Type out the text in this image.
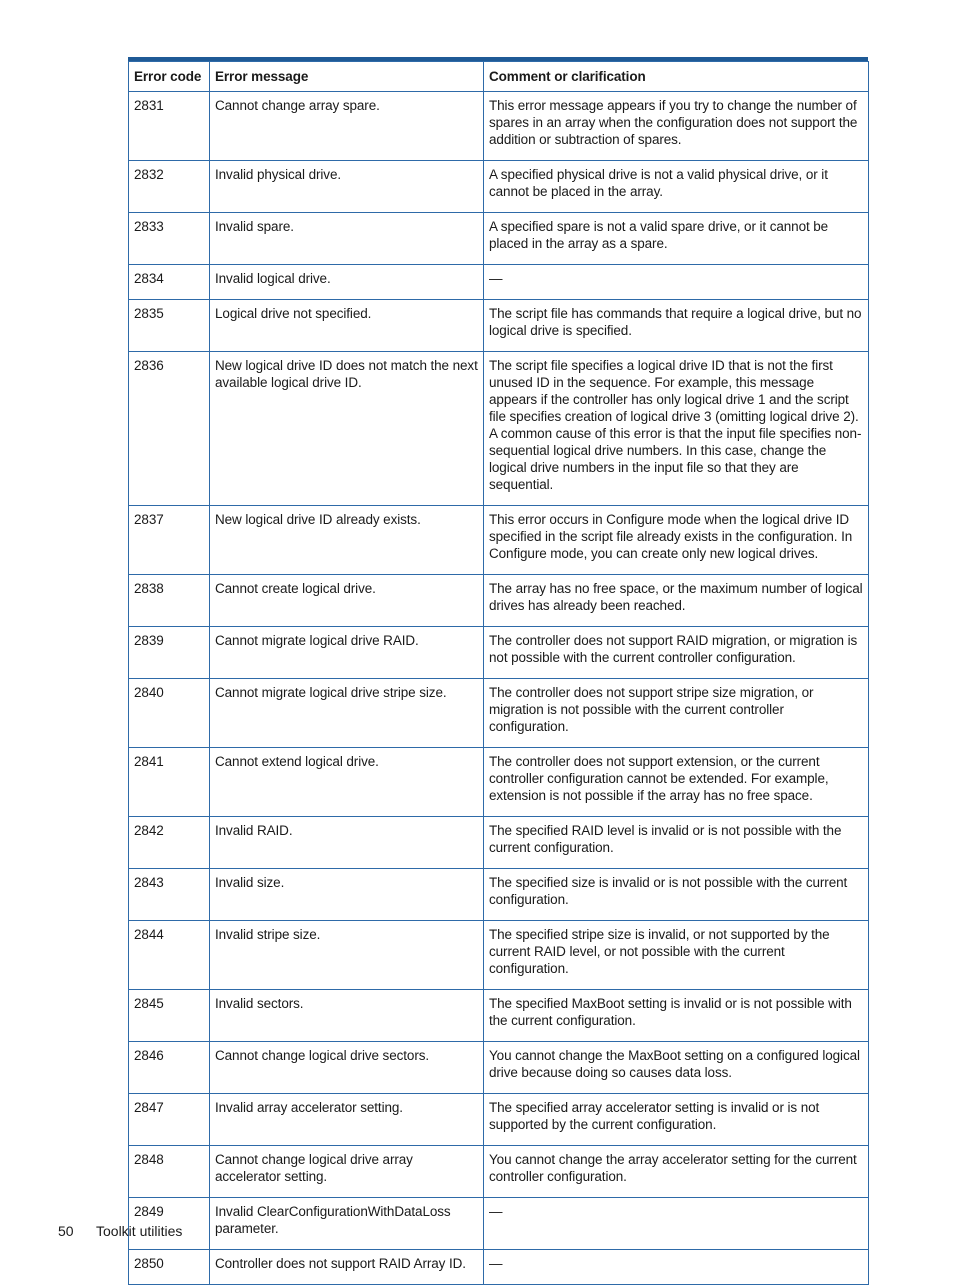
Error code	Error message	Comment or clarification
2831	Cannot change array spare.	This error message appears if you try to change the number of spares in an array when the configuration does not support the addition or subtraction of spares.
2832	Invalid physical drive.	A specified physical drive is not a valid physical drive, or it cannot be placed in the array.
2833	Invalid spare.	A specified spare is not a valid spare drive, or it cannot be placed in the array as a spare.
2834	Invalid logical drive.	—
2835	Logical drive not specified.	The script file has commands that require a logical drive, but no logical drive is specified.
2836	New logical drive ID does not match the next available logical drive ID.	The script file specifies a logical drive ID that is not the first unused ID in the sequence. For example, this message appears if the controller has only logical drive 1 and the script file specifies creation of logical drive 3 (omitting logical drive 2). A common cause of this error is that the input file specifies non-sequential logical drive numbers. In this case, change the logical drive numbers in the input file so that they are sequential.
2837	New logical drive ID already exists.	This error occurs in Configure mode when the logical drive ID specified in the script file already exists in the configuration. In Configure mode, you can create only new logical drives.
2838	Cannot create logical drive.	The array has no free space, or the maximum number of logical drives has already been reached.
2839	Cannot migrate logical drive RAID.	The controller does not support RAID migration, or migration is not possible with the current controller configuration.
2840	Cannot migrate logical drive stripe size.	The controller does not support stripe size migration, or migration is not possible with the current controller configuration.
2841	Cannot extend logical drive.	The controller does not support extension, or the current controller configuration cannot be extended. For example, extension is not possible if the array has no free space.
2842	Invalid RAID.	The specified RAID level is invalid or is not possible with the current configuration.
2843	Invalid size.	The specified size is invalid or is not possible with the current configuration.
2844	Invalid stripe size.	The specified stripe size is invalid, or not supported by the current RAID level, or not possible with the current configuration.
2845	Invalid sectors.	The specified MaxBoot setting is invalid or is not possible with the current configuration.
2846	Cannot change logical drive sectors.	You cannot change the MaxBoot setting on a configured logical drive because doing so causes data loss.
2847	Invalid array accelerator setting.	The specified array accelerator setting is invalid or is not supported by the current configuration.
2848	Cannot change logical drive array accelerator setting.	You cannot change the array accelerator setting for the current controller configuration.
2849	Invalid ClearConfigurationWithDataLoss parameter.	—
2850	Controller does not support RAID Array ID.	—
50 Toolkit utilities
